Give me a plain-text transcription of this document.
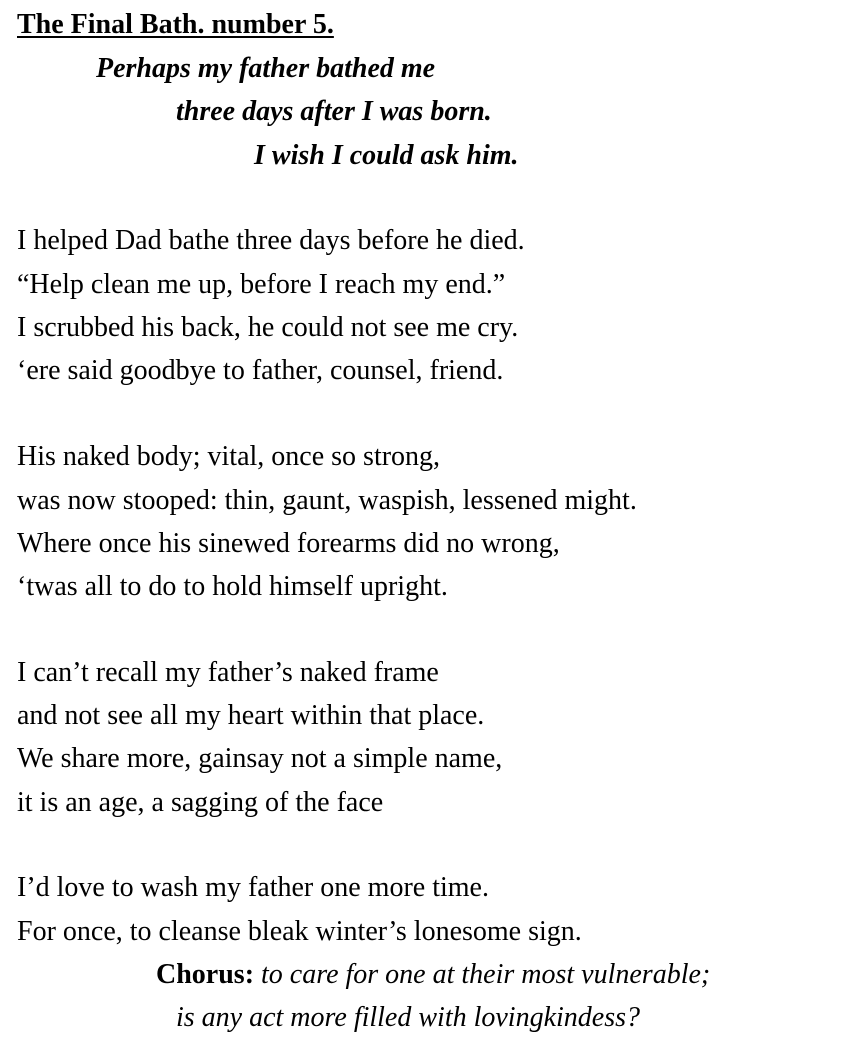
The Final Bath. number 5.
Perhaps my father bathed me
three days after I was born.
I wish I could ask him.
I helped Dad bathe three days before he died.
“Help clean me up, before I reach my end.”
I scrubbed his back, he could not see me cry.
‘ere said goodbye to father, counsel, friend.
His naked body; vital, once so strong,
was now stooped: thin, gaunt, waspish, lessened might.
Where once his sinewed forearms did no wrong,
‘twas all to do to hold himself upright.
I can’t recall my father’s naked frame
and not see all my heart within that place.
We share more, gainsay not a simple name,
it is an age, a sagging of the face
I’d love to wash my father one more time.
For once, to cleanse bleak winter’s lonesome sign.
Chorus: to care for one at their most vulnerable;
is any act more filled with lovingkindess?
